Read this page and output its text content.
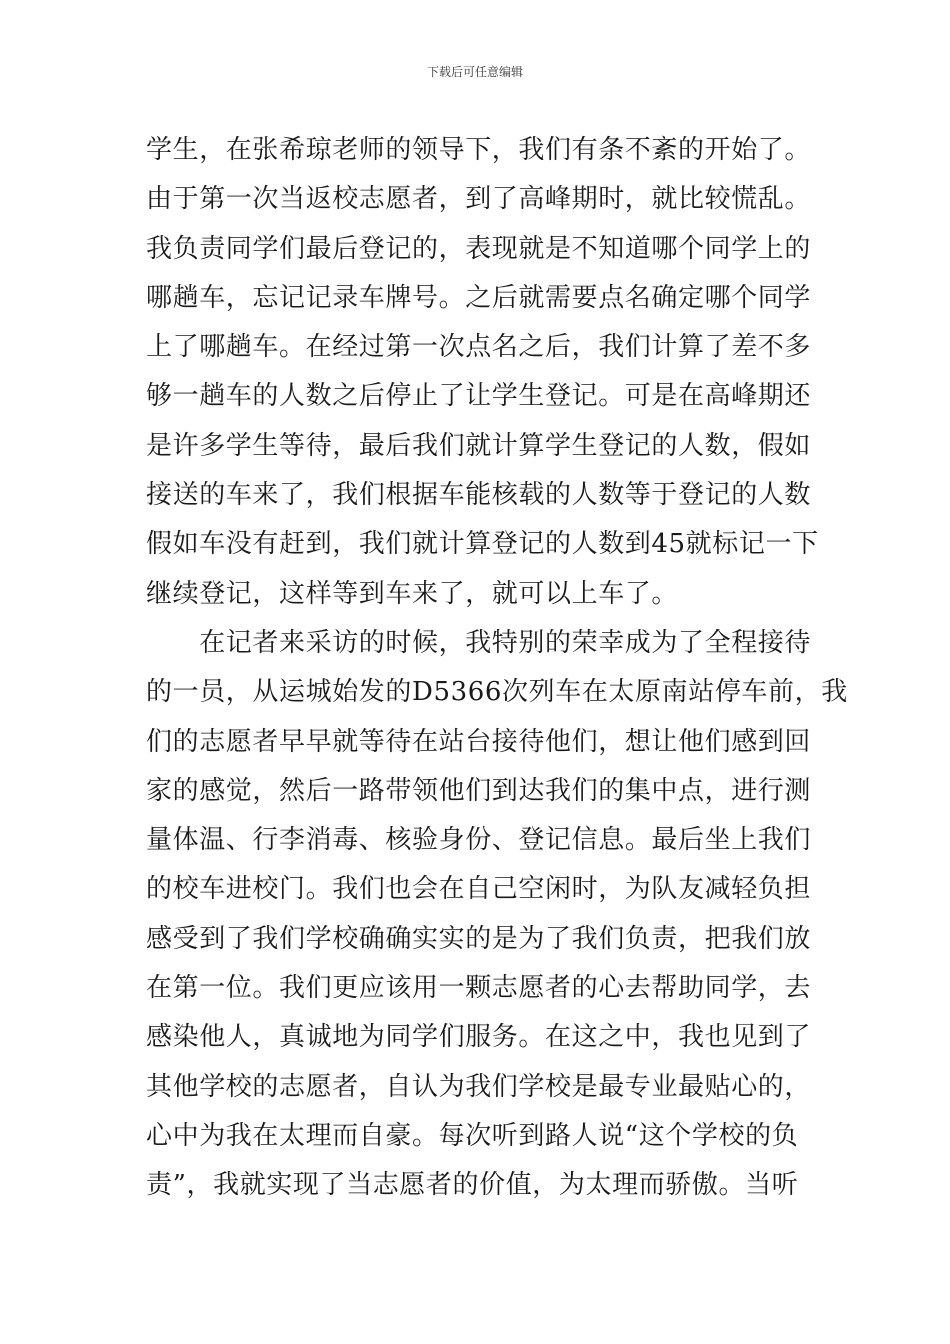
下载后可任意编辑
学生，在张希琼老师的领导下，我们有条不紊的开始了。
由于第一次当返校志愿者，到了高峰期时，就比较慌乱。
我负责同学们最后登记的，表现就是不知道哪个同学上的
哪趟车，忘记记录车牌号。之后就需要点名确定哪个同学
上了哪趟车。在经过第一次点名之后，我们计算了差不多
够一趟车的人数之后停止了让学生登记。可是在高峰期还
是许多学生等待，最后我们就计算学生登记的人数，假如
接送的车来了，我们根据车能核载的人数等于登记的人数
假如车没有赶到，我们就计算登记的人数到45就标记一下
继续登记，这样等到车来了，就可以上车了。
　　在记者来采访的时候，我特别的荣幸成为了全程接待
的一员，从运城始发的D5366次列车在太原南站停车前，我
们的志愿者早早就等待在站台接待他们，想让他们感到回
家的感觉，然后一路带领他们到达我们的集中点，进行测
量体温、行李消毒、核验身份、登记信息。最后坐上我们
的校车进校门。我们也会在自己空闲时，为队友减轻负担
感受到了我们学校确确实实的是为了我们负责，把我们放
在第一位。我们更应该用一颗志愿者的心去帮助同学，去
感染他人，真诚地为同学们服务。在这之中，我也见到了
其他学校的志愿者，自认为我们学校是最专业最贴心的，
心中为我在太理而自豪。每次听到路人说“这个学校的负
责”，我就实现了当志愿者的价值，为太理而骄傲。当听
